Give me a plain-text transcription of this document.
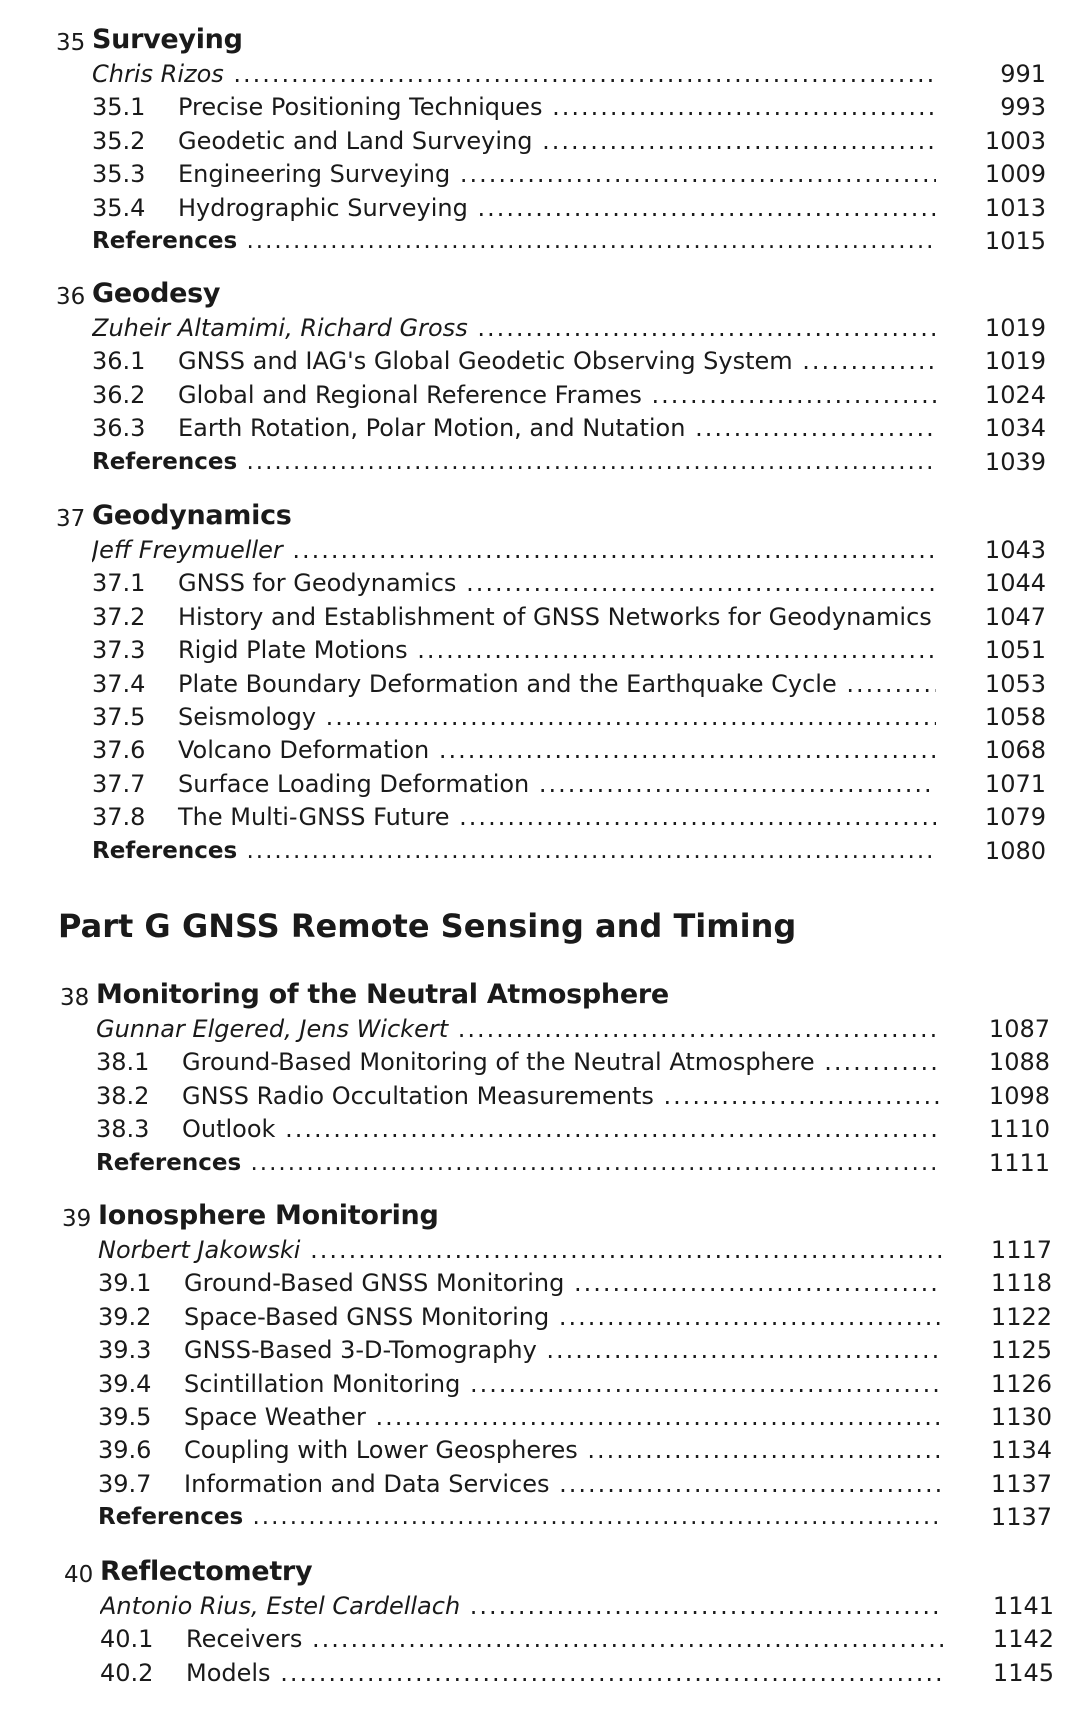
35 Surveying
Chris Rizos .....	991
35.1 Precise Positioning Techniques .....	993
35.2 Geodetic and Land Surveying .....	1003
35.3 Engineering Surveying .....	1009
35.4 Hydrographic Surveying .....	1013
References .....	1015
36 Geodesy
Zuheir Altamimi, Richard Gross .....	1019
36.1 GNSS and IAG's Global Geodetic Observing System .....	1019
36.2 Global and Regional Reference Frames .....	1024
36.3 Earth Rotation, Polar Motion, and Nutation .....	1034
References .....	1039
37 Geodynamics
Jeff Freymueller .....	1043
37.1 GNSS for Geodynamics .....	1044
37.2 History and Establishment of GNSS Networks for Geodynamics .....	1047
37.3 Rigid Plate Motions .....	1051
37.4 Plate Boundary Deformation and the Earthquake Cycle .....	1053
37.5 Seismology .....	1058
37.6 Volcano Deformation .....	1068
37.7 Surface Loading Deformation .....	1071
37.8 The Multi-GNSS Future .....	1079
References .....	1080
Part G GNSS Remote Sensing and Timing
38 Monitoring of the Neutral Atmosphere
Gunnar Elgered, Jens Wickert .....	1087
38.1 Ground-Based Monitoring of the Neutral Atmosphere .....	1088
38.2 GNSS Radio Occultation Measurements .....	1098
38.3 Outlook .....	1110
References .....	1111
39 Ionosphere Monitoring
Norbert Jakowski .....	1117
39.1 Ground-Based GNSS Monitoring .....	1118
39.2 Space-Based GNSS Monitoring .....	1122
39.3 GNSS-Based 3-D-Tomography .....	1125
39.4 Scintillation Monitoring .....	1126
39.5 Space Weather .....	1130
39.6 Coupling with Lower Geospheres .....	1134
39.7 Information and Data Services .....	1137
References .....	1137
40 Reflectometry
Antonio Rius, Estel Cardellach .....	1141
40.1 Receivers .....	1142
40.2 Models .....	1145
